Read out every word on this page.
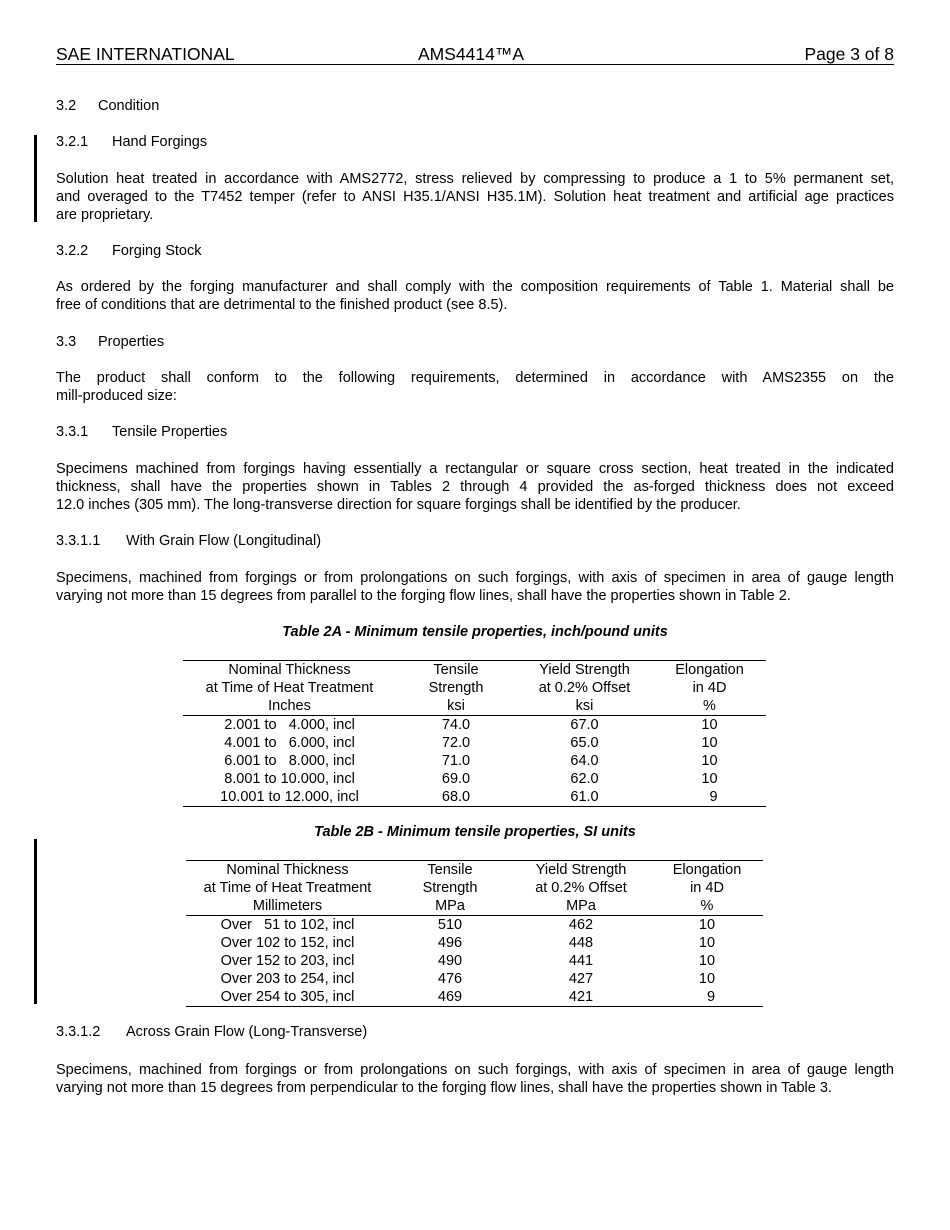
SAE INTERNATIONAL	AMS4414™A	Page 3 of 8
3.2 Condition
3.2.1 Hand Forgings
Solution heat treated in accordance with AMS2772, stress relieved by compressing to produce a 1 to 5% permanent set,
and overaged to the T7452 temper (refer to ANSI H35.1/ANSI H35.1M). Solution heat treatment and artificial age practices
are proprietary.
3.2.2 Forging Stock
As ordered by the forging manufacturer and shall comply with the composition requirements of Table 1. Material shall be
free of conditions that are detrimental to the finished product (see 8.5).
3.3 Properties
The product shall conform to the following requirements, determined in accordance with AMS2355 on the
mill-produced size:
3.3.1 Tensile Properties
Specimens machined from forgings having essentially a rectangular or square cross section, heat treated in the indicated
thickness, shall have the properties shown in Tables 2 through 4 provided the as-forged thickness does not exceed
12.0 inches (305 mm). The long-transverse direction for square forgings shall be identified by the producer.
3.3.1.1 With Grain Flow (Longitudinal)
Specimens, machined from forgings or from prolongations on such forgings, with axis of specimen in area of gauge length
varying not more than 15 degrees from parallel to the forging flow lines, shall have the properties shown in Table 2.
Table 2A - Minimum tensile properties, inch/pound units
Nominal Thickness	Tensile	Yield Strength	Elongation
at Time of Heat Treatment	Strength	at 0.2% Offset	in 4D
Inches	ksi	ksi	%
2.001 to   4.000, incl	74.0	67.0	10
4.001 to   6.000, incl	72.0	65.0	10
6.001 to   8.000, incl	71.0	64.0	10
8.001 to 10.000, incl	69.0	62.0	10
10.001 to 12.000, incl	68.0	61.0	9
Table 2B - Minimum tensile properties, SI units
Nominal Thickness	Tensile	Yield Strength	Elongation
at Time of Heat Treatment	Strength	at 0.2% Offset	in 4D
Millimeters	MPa	MPa	%
Over   51 to 102, incl	510	462	10
Over 102 to 152, incl	496	448	10
Over 152 to 203, incl	490	441	10
Over 203 to 254, incl	476	427	10
Over 254 to 305, incl	469	421	9
3.3.1.2 Across Grain Flow (Long-Transverse)
Specimens, machined from forgings or from prolongations on such forgings, with axis of specimen in area of gauge length
varying not more than 15 degrees from perpendicular to the forging flow lines, shall have the properties shown in Table 3.
